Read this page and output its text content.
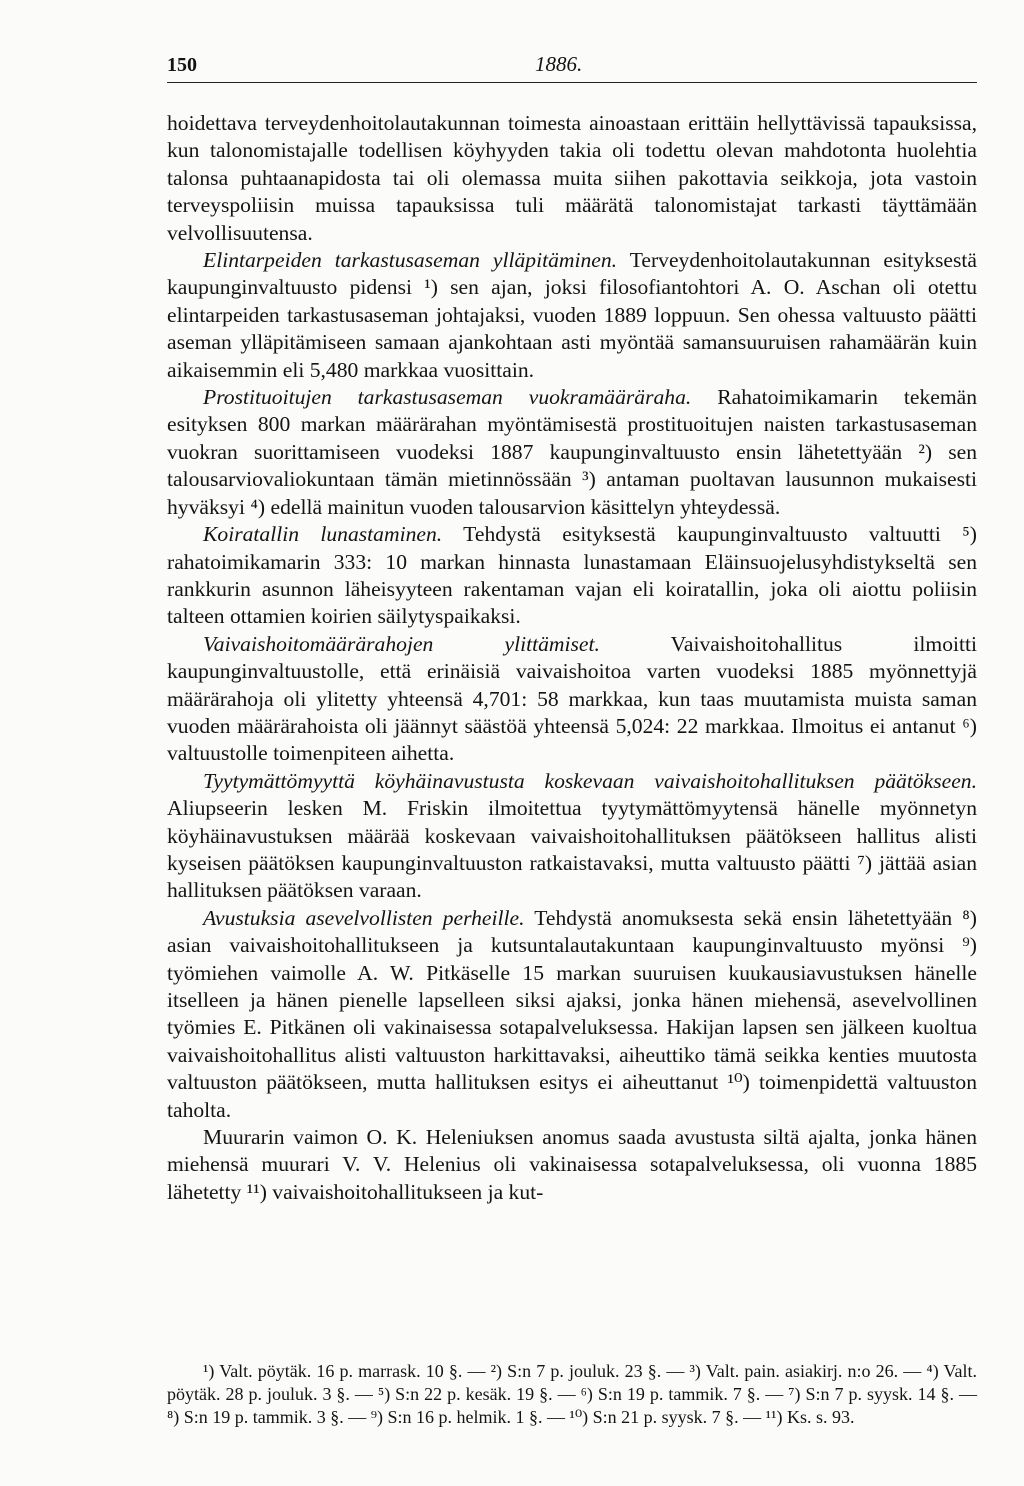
150	1886.

hoidettava terveydenhoitolautakunnan toimesta ainoastaan erittäin hellyttävissä tapauksissa, kun talonomistajalle todellisen köyhyyden takia oli todettu olevan mahdotonta huolehtia talonsa puhtaanapidosta tai oli olemassa muita siihen pakottavia seikkoja, jota vastoin terveyspoliisin muissa tapauksissa tuli määrätä talonomistajat tarkasti täyttämään velvollisuutensa.

Elintarpeiden tarkastusaseman ylläpitäminen. Terveydenhoitolautakunnan esityksestä kaupunginvaltuusto pidensi ¹) sen ajan, joksi filosofiantohtori A. O. Aschan oli otettu elintarpeiden tarkastusaseman johtajaksi, vuoden 1889 loppuun. Sen ohessa valtuusto päätti aseman ylläpitämiseen samaan ajankohtaan asti myöntää samansuuruisen rahamäärän kuin aikaisemmin eli 5,480 markkaa vuosittain.

Prostituoitujen tarkastusaseman vuokramääräraha. Rahatoimikamarin tekemän esityksen 800 markan määrärahan myöntämisestä prostituoitujen naisten tarkastusaseman vuokran suorittamiseen vuodeksi 1887 kaupunginvaltuusto ensin lähetettyään ²) sen talousarviovaliokuntaan tämän mietinnössään ³) antaman puoltavan lausunnon mukaisesti hyväksyi ⁴) edellä mainitun vuoden talousarvion käsittelyn yhteydessä.

Koiratallin lunastaminen. Tehdystä esityksestä kaupunginvaltuusto valtuutti ⁵) rahatoimikamarin 333: 10 markan hinnasta lunastamaan Eläinsuojelusyhdistykseltä sen rankkurin asunnon läheisyyteen rakentaman vajan eli koiratallin, joka oli aiottu poliisin talteen ottamien koirien säilytyspaikaksi.

Vaivaishoitomäärärahojen ylittämiset.	Vaivaishoitohallitus ilmoitti kaupunginvaltuustolle, että erinäisiä vaivaishoitoa varten vuodeksi 1885 myönnettyjä määrärahoja oli ylitetty yhteensä 4,701: 58 markkaa, kun taas muutamista muista saman vuoden määrärahoista oli jäännyt säästöä yhteensä 5,024: 22 markkaa. Ilmoitus ei antanut ⁶) valtuustolle toimenpiteen aihetta.

Tyytymättömyyttä köyhäinavustusta koskevaan vaivaishoitohallituksen päätökseen. Aliupseerin lesken M. Friskin ilmoitettua tyytymättömyytensä hänelle myönnetyn köyhäinavustuksen määrää koskevaan vaivaishoitohallituksen päätökseen hallitus alisti kyseisen päätöksen kaupunginvaltuuston ratkaistavaksi, mutta valtuusto päätti ⁷) jättää asian hallituksen päätöksen varaan.

Avustuksia asevelvollisten perheille. Tehdystä anomuksesta sekä ensin lähetettyään ⁸) asian vaivaishoitohallitukseen ja kutsuntalautakuntaan kaupunginvaltuusto myönsi ⁹) työmiehen vaimolle A. W. Pitkäselle 15 markan suuruisen kuukausiavustuksen hänelle itselleen ja hänen pienelle lapselleen siksi ajaksi, jonka hänen miehensä, asevelvollinen työmies E. Pitkänen oli vakinaisessa sotapalveluksessa. Hakijan lapsen sen jälkeen kuoltua vaivaishoitohallitus alisti valtuuston harkittavaksi, aiheuttiko tämä seikka kenties muutosta valtuuston päätökseen, mutta hallituksen esitys ei aiheuttanut ¹⁰) toimenpidettä valtuuston taholta.

Muurarin vaimon O. K. Heleniuksen anomus saada avustusta siltä ajalta, jonka hänen miehensä muurari V. V. Helenius oli vakinaisessa sotapalveluksessa, oli vuonna 1885 lähetetty ¹¹) vaivaishoitohallitukseen ja kut-

¹) Valt. pöytäk. 16 p. marrask. 10 §. — ²) S:n 7 p. jouluk. 23 §. — ³) Valt. pain. asiakirj. n:o 26. — ⁴) Valt. pöytäk. 28 p. jouluk. 3 §. — ⁵) S:n 22 p. kesäk. 19 §. — ⁶) S:n 19 p. tammik. 7 §. — ⁷) S:n 7 p. syysk. 14 §. — ⁸) S:n 19 p. tammik. 3 §. — ⁹) S:n 16 p. helmik. 1 §. — ¹⁰) S:n 21 p. syysk. 7 §. — ¹¹) Ks. s. 93.
